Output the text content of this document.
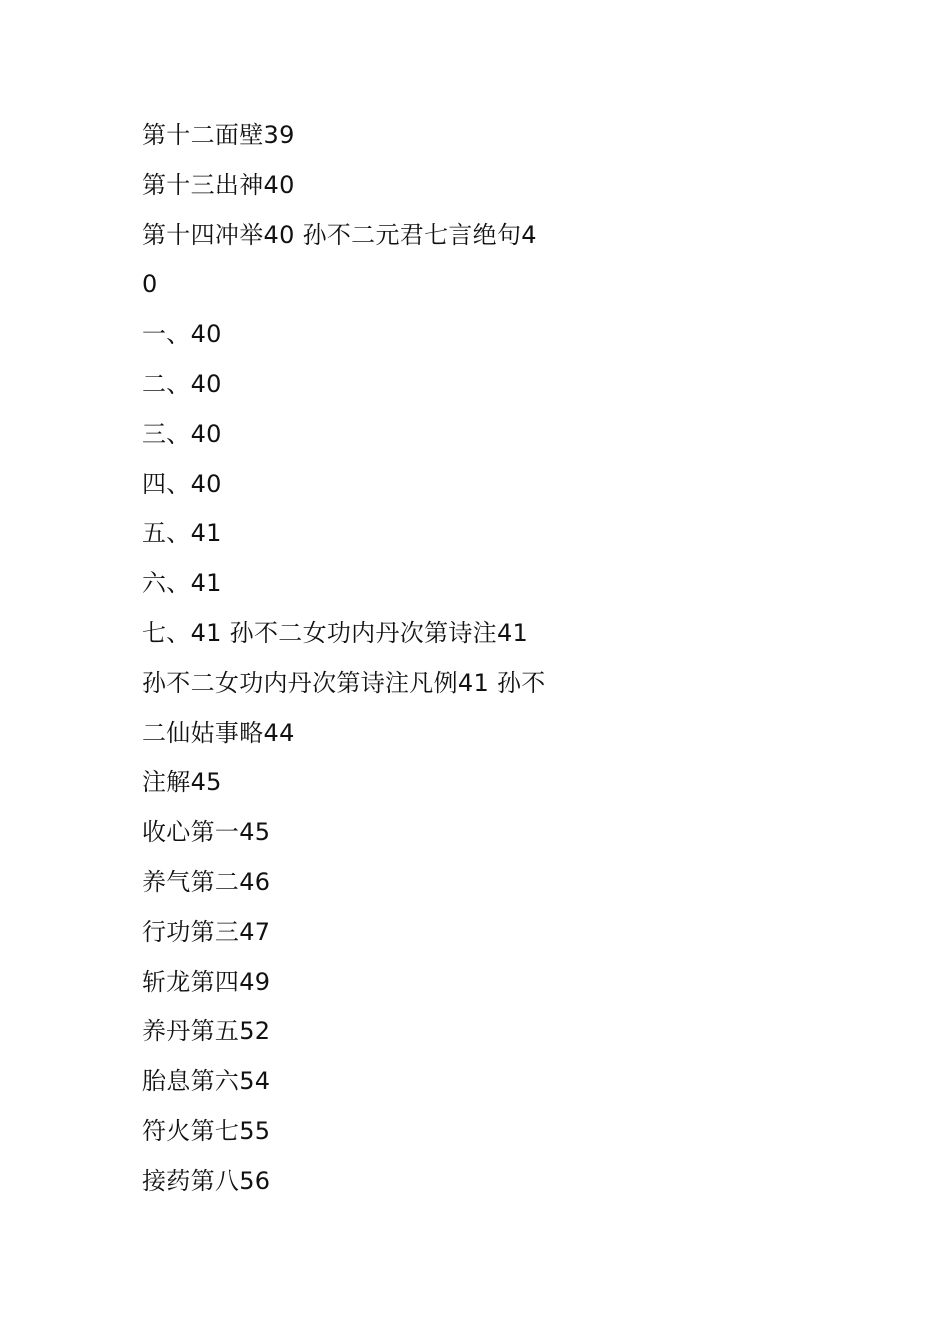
第十二面壁39
第十三出神40
第十四冲举40 孙不二元君七言绝句4
0
一、40
二、40
三、40
四、40
五、41
六、41
七、41 孙不二女功内丹次第诗注41
孙不二女功内丹次第诗注凡例41 孙不
二仙姑事略44
注解45
收心第一45
养气第二46
行功第三47
斩龙第四49
养丹第五52
胎息第六54
符火第七55
接药第八56
